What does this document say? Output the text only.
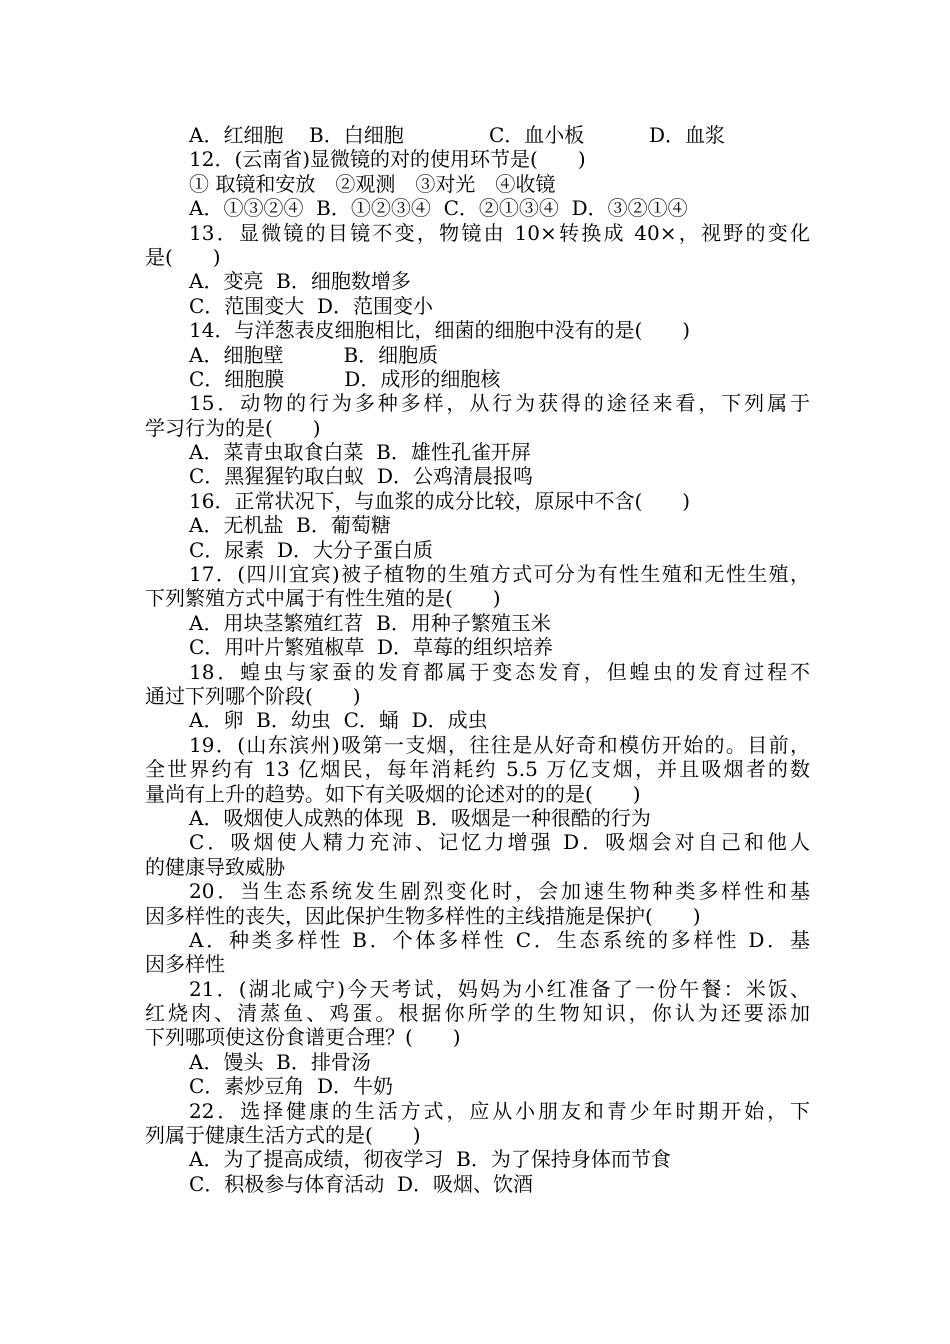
A．红细胞	B．白细胞	C．血小板	D．血浆
12．(云南省)显微镜的对的使用环节是(　　)
① 取镜和安放　②观测　③对光　④收镜
A．①③②④  B．①②③④  C．②①③④  D．③②①④
13．显微镜的目镜不变，物镜由 10×转换成 40×，视野的变化
是(　　)
A．变亮  B．细胞数增多
C．范围变大  D．范围变小
14．与洋葱表皮细胞相比，细菌的细胞中没有的是(　　)
A．细胞壁　　　B．细胞质
C．细胞膜　　　D．成形的细胞核
15．动物的行为多种多样，从行为获得的途径来看，下列属于
学习行为的是(　　)
A．菜青虫取食白菜  B．雄性孔雀开屏
C．黑猩猩钓取白蚁  D．公鸡清晨报鸣
16．正常状况下，与血浆的成分比较，原尿中不含(　　)
A．无机盐  B．葡萄糖
C．尿素  D．大分子蛋白质
17．(四川宜宾)被子植物的生殖方式可分为有性生殖和无性生殖，
下列繁殖方式中属于有性生殖的是(　　)
A．用块茎繁殖红苕  B．用种子繁殖玉米
C．用叶片繁殖椒草  D．草莓的组织培养
18．蝗虫与家蚕的发育都属于变态发育，但蝗虫的发育过程不
通过下列哪个阶段(　　)
A．卵  B．幼虫  C．蛹  D．成虫
19．(山东滨州)吸第一支烟，往往是从好奇和模仿开始的。目前，
全世界约有 13 亿烟民，每年消耗约 5.5 万亿支烟，并且吸烟者的数
量尚有上升的趋势。如下有关吸烟的论述对的的是(　　)
A．吸烟使人成熟的体现  B．吸烟是一种很酷的行为
C．吸烟使人精力充沛、记忆力增强 D．吸烟会对自己和他人
的健康导致威胁
20．当生态系统发生剧烈变化时，会加速生物种类多样性和基
因多样性的丧失，因此保护生物多样性的主线措施是保护(　　)
A．种类多样性 B．个体多样性 C．生态系统的多样性 D．基
因多样性
21．(湖北咸宁)今天考试，妈妈为小红准备了一份午餐：米饭、
红烧肉、清蒸鱼、鸡蛋。根据你所学的生物知识，你认为还要添加
下列哪项使这份食谱更合理？(　　)
A．馒头  B．排骨汤
C．素炒豆角  D．牛奶
22．选择健康的生活方式，应从小朋友和青少年时期开始，下
列属于健康生活方式的是(　　)
A．为了提高成绩，彻夜学习  B．为了保持身体而节食
C．积极参与体育活动  D．吸烟、饮酒
